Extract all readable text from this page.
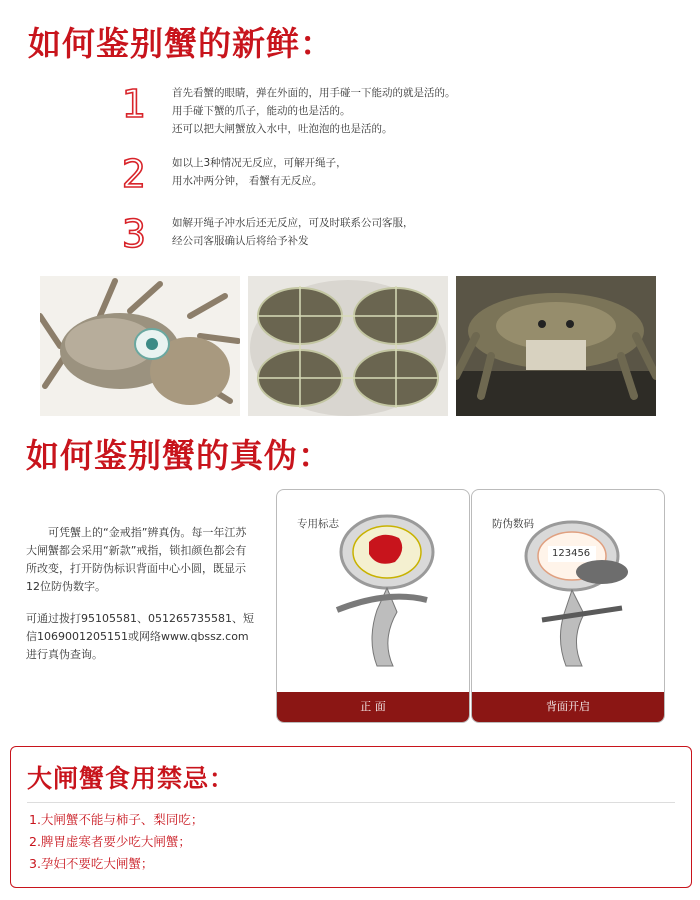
如何鉴别蟹的新鲜：
1	首先看蟹的眼睛，弹在外面的，用手碰一下能动的就是活的。
用手碰下蟹的爪子，能动的也是活的。
还可以把大闸蟹放入水中，吐泡泡的也是活的。
2	如以上3种情况无反应，可解开绳子，
用水冲两分钟， 看蟹有无反应。
3	如解开绳子冲水后还无反应，可及时联系公司客服，
经公司客服确认后将给予补发
如何鉴别蟹的真伪：
可凭蟹上的“金戒指”辨真伪。每一年江苏大闸蟹都会采用“新款”戒指，锁扣颜色都会有所改变，打开防伪标识背面中心小圆，既显示12位防伪数字。
可通过拨打95105581、051265735581、短信1069001205151或网络www.qbssz.com进行真伪查询。
专用标志
正 面
防伪数码
123456
背面开启
大闸蟹食用禁忌：
1.大闸蟹不能与柿子、梨同吃；
2.脾胃虚寒者要少吃大闸蟹；
3.孕妇不要吃大闸蟹；
